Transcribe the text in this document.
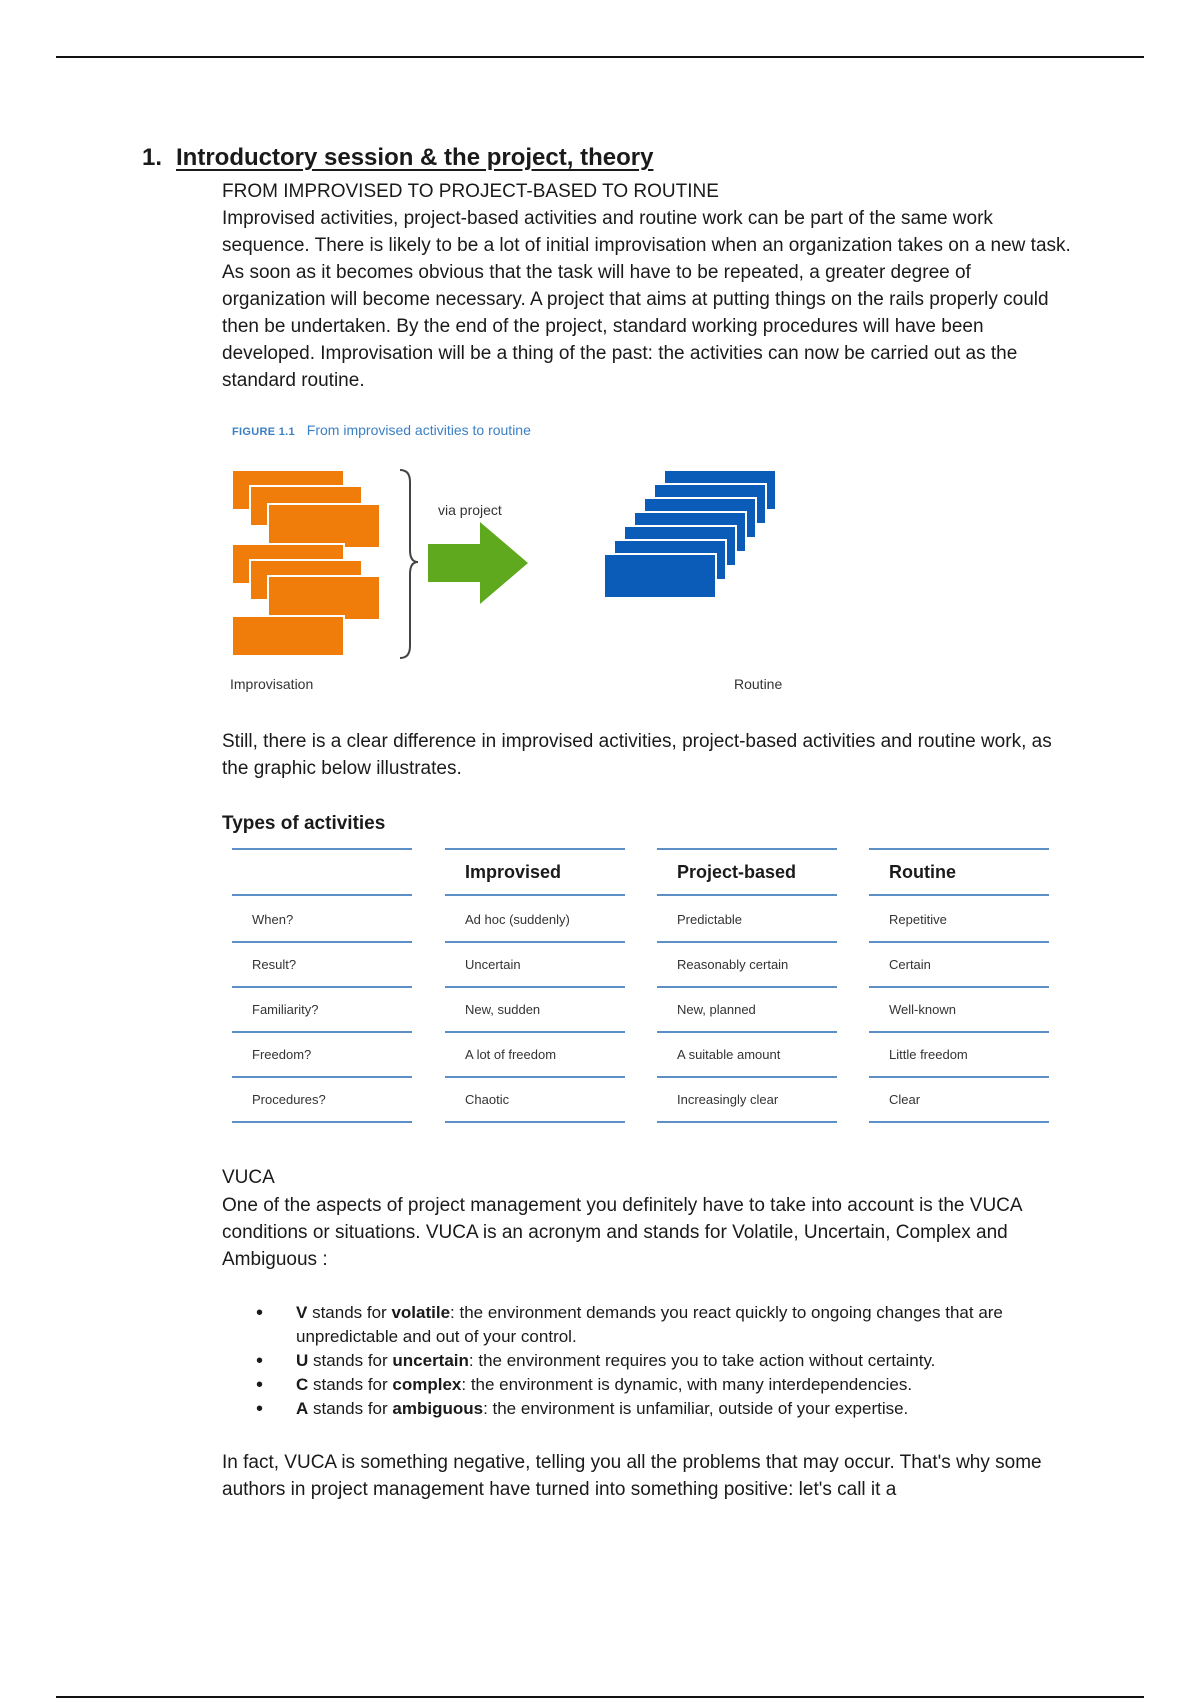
1. Introductory session & the project, theory
FROM IMPROVISED TO PROJECT-BASED TO ROUTINE

Improvised activities, project-based activities and routine work can be part of the same work sequence. There is likely to be a lot of initial improvisation when an organization takes on a new task. As soon as it becomes obvious that the task will have to be repeated, a greater degree of organization will become necessary. A project that aims at putting things on the rails properly could then be undertaken. By the end of the project, standard working procedures will have been developed. Improvisation will be a thing of the past: the activities can now be carried out as the standard routine.

FIGURE 1.1 From improvised activities to routine
via project
Improvisation	Routine

Still, there is a clear difference in improvised activities, project-based activities and routine work, as the graphic below illustrates.

Types of activities
When?
Result?
Familiarity?
Freedom?
Procedures?
Improvised
Ad hoc (suddenly)
Uncertain
New, sudden
A lot of freedom
Chaotic
Project-based
Predictable
Reasonably certain
New, planned
A suitable amount
Increasingly clear
Routine
Repetitive
Certain
Well-known
Little freedom
Clear
VUCA

One of the aspects of project management you definitely have to take into account is the VUCA conditions or situations. VUCA is an acronym and stands for Volatile, Uncertain, Complex and Ambiguous :

• V stands for volatile: the environment demands you react quickly to ongoing changes that are unpredictable and out of your control.
• U stands for uncertain: the environment requires you to take action without certainty.
• C stands for complex: the environment is dynamic, with many interdependencies.
• A stands for ambiguous: the environment is unfamiliar, outside of your expertise.

In fact, VUCA is something negative, telling you all the problems that may occur. That's why some authors in project management have turned into something positive: let's call it a
